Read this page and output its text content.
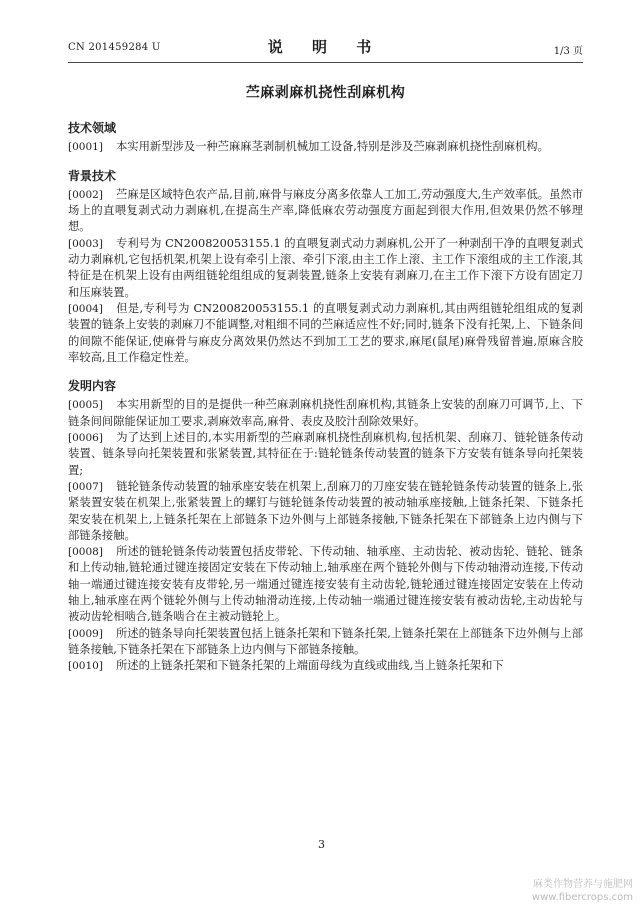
CN 201459284 U	说 明 书	1/3 页
苎麻剥麻机挠性刮麻机构
技术领域

[0001] 本实用新型涉及一种苎麻麻茎剥制机械加工设备,特别是涉及苎麻剥麻机挠性刮麻机构。

背景技术

[0002] 苎麻是区域特色农产品,目前,麻骨与麻皮分离多依靠人工加工,劳动强度大,生产效率低。虽然市场上的直喂复剥式动力剥麻机,在提高生产率,降低麻农劳动强度方面起到很大作用,但效果仍然不够理想。

[0003] 专利号为 CN200820053155.1 的直喂复剥式动力剥麻机,公开了一种剥刮干净的直喂复剥式动力剥麻机,它包括机架,机架上设有牵引上滚、牵引下滚,由主工作上滚、主工作下滚组成的主工作滚,其特征是在机架上设有由两组链轮组组成的复剥装置,链条上安装有剥麻刀,在主工作下滚下方设有固定刀和压麻装置。

[0004] 但是,专利号为 CN200820053155.1 的直喂复剥式动力剥麻机,其由两组链轮组组成的复剥装置的链条上安装的剥麻刀不能调整,对粗细不同的苎麻适应性不好;同时,链条下没有托架,上、下链条间的间隙不能保证,使麻骨与麻皮分离效果仍然达不到加工工艺的要求,麻尾(鼠尾)麻骨残留普遍,原麻含胶率较高,且工作稳定性差。

发明内容

[0005] 本实用新型的目的是提供一种苎麻剥麻机挠性刮麻机构,其链条上安装的刮麻刀可调节,上、下链条间间隙能保证加工要求,剥麻效率高,麻骨、表皮及胶汁刮除效果好。

[0006] 为了达到上述目的,本实用新型的苎麻剥麻机挠性刮麻机构,包括机架、刮麻刀、链轮链条传动装置、链条导向托架装置和张紧装置,其特征在于:链轮链条传动装置的链条下方安装有链条导向托架装置;

[0007] 链轮链条传动装置的轴承座安装在机架上,刮麻刀的刀座安装在链轮链条传动装置的链条上,张紧装置安装在机架上,张紧装置上的螺钉与链轮链条传动装置的被动轴承座接触,上链条托架、下链条托架安装在机架上,上链条托架在上部链条下边外侧与上部链条接触,下链条托架在下部链条上边内侧与下部链条接触。

[0008] 所述的链轮链条传动装置包括皮带轮、下传动轴、轴承座、主动齿轮、被动齿轮、链轮、链条和上传动轴,链轮通过键连接固定安装在下传动轴上,轴承座在两个链轮外侧与下传动轴滑动连接,下传动轴一端通过键连接安装有皮带轮,另一端通过键连接安装有主动齿轮,链轮通过键连接固定安装在上传动轴上,轴承座在两个链轮外侧与上传动轴滑动连接,上传动轴一端通过键连接安装有被动齿轮,主动齿轮与被动齿轮相啮合,链条啮合在主被动链轮上。

[0009] 所述的链条导向托架装置包括上链条托架和下链条托架,上链条托架在上部链条下边外侧与上部链条接触,下链条托架在下部链条上边内侧与下部链条接触。

[0010] 所述的上链条托架和下链条托架的上端面母线为直线或曲线,当上链条托架和下

3
麻类作物营养与施肥网
www.fibercrops.com
